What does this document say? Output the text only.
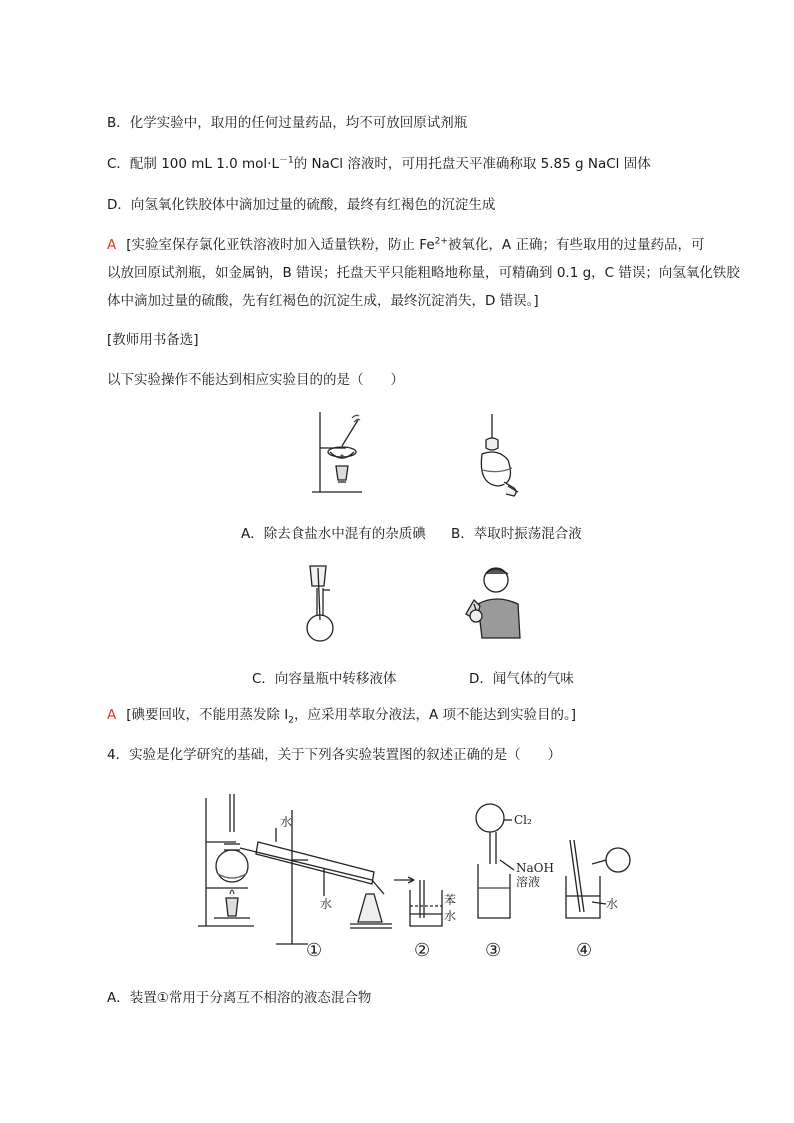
B．化学实验中，取用的任何过量药品，均不可放回原试剂瓶
C．配制 100 mL 1.0 $mol\cdot L^{-1}$的 NaCl 溶液时，可用托盘天平准确称取 5.85 g NaCl 固体
D．向氢氧化铁胶体中滴加过量的硫酸，最终有红褐色的沉淀生成
A [实验室保存氯化亚铁溶液时加入适量铁粉，防止 $Fe^{2+}$被氧化，A 正确；有些取用的过量药品，可
以放回原试剂瓶，如金属钠，B 错误；托盘天平只能粗略地称量，可精确到 0.1 g，C 错误；向氢氧化铁胶
体中滴加过量的硫酸，先有红褐色的沉淀生成，最终沉淀消失，D 错误。]
[教师用书备选]
以下实验操作不能达到相应实验目的的是（　　）
A．除去食盐水中混有的杂质碘 B．萃取时振荡混合液
C．向容量瓶中转移液体	D．闻气体的气味
A [碘要回收，不能用蒸发除 $I_2$，应采用萃取分液法，A 项不能达到实验目的。]
4．实验是化学研究的基础，关于下列各实验装置图的叙述正确的是（　　）
水
水	苯
水
Cl₂
NaOH
溶液
水
①	②	③	④
A．装置①常用于分离互不相溶的液态混合物
